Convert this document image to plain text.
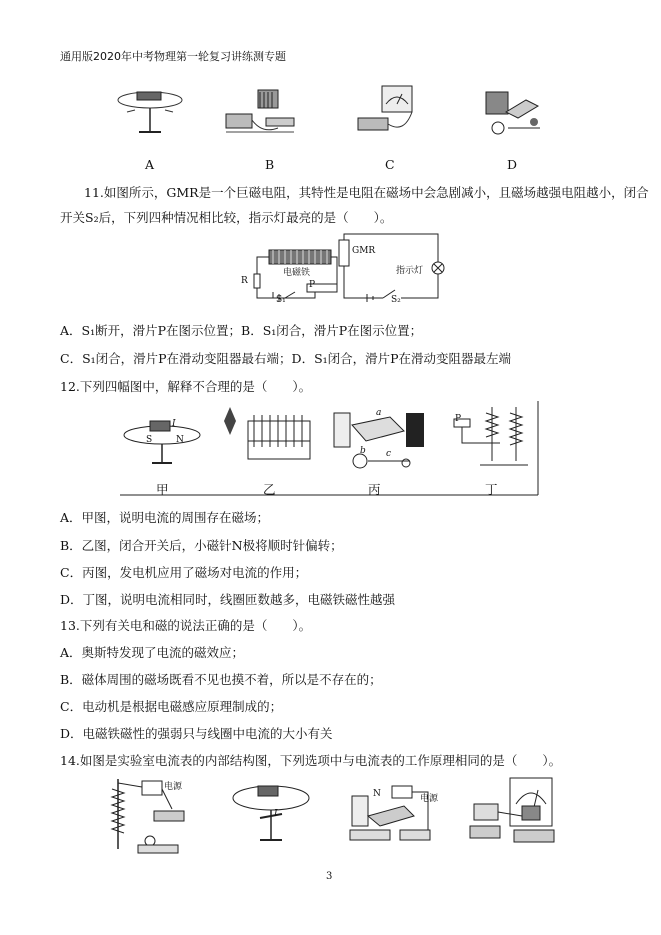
通用版2020年中考物理第一轮复习讲练测专题
A	B	C	D
11.如图所示，GMR是一个巨磁电阻，其特性是电阻在磁场中会急剧减小，且磁场越强电阻越小，闭合
开关S₂后，下列四种情况相比较，指示灯最亮的是（　　）。
R
电磁铁
P
S₁
GMR
指示灯
S₂
A．S₁断开，滑片P在图示位置；B．S₁闭合，滑片P在图示位置；
C．S₁闭合，滑片P在滑动变阻器最右端；D．S₁闭合，滑片P在滑动变阻器最左端
12.下列四幅图中，解释不合理的是（　　）。
S	N
I	P
a
b c
甲	乙	丙	丁
A．甲图，说明电流的周围存在磁场；
B．乙图，闭合开关后，小磁针N极将顺时针偏转；
C．丙图，发电机应用了磁场对电流的作用；
D．丁图，说明电流相同时，线圈匝数越多，电磁铁磁性越强
13.下列有关电和磁的说法正确的是（　　）。
A．奥斯特发现了电流的磁效应；
B．磁体周围的磁场既看不见也摸不着，所以是不存在的；
C．电动机是根据电磁感应原理制成的；
D．电磁铁磁性的强弱只与线圈中电流的大小有关
14.如图是实验室电流表的内部结构图，下列选项中与电流表的工作原理相同的是（　　）。
电源
I
N	电源
3
